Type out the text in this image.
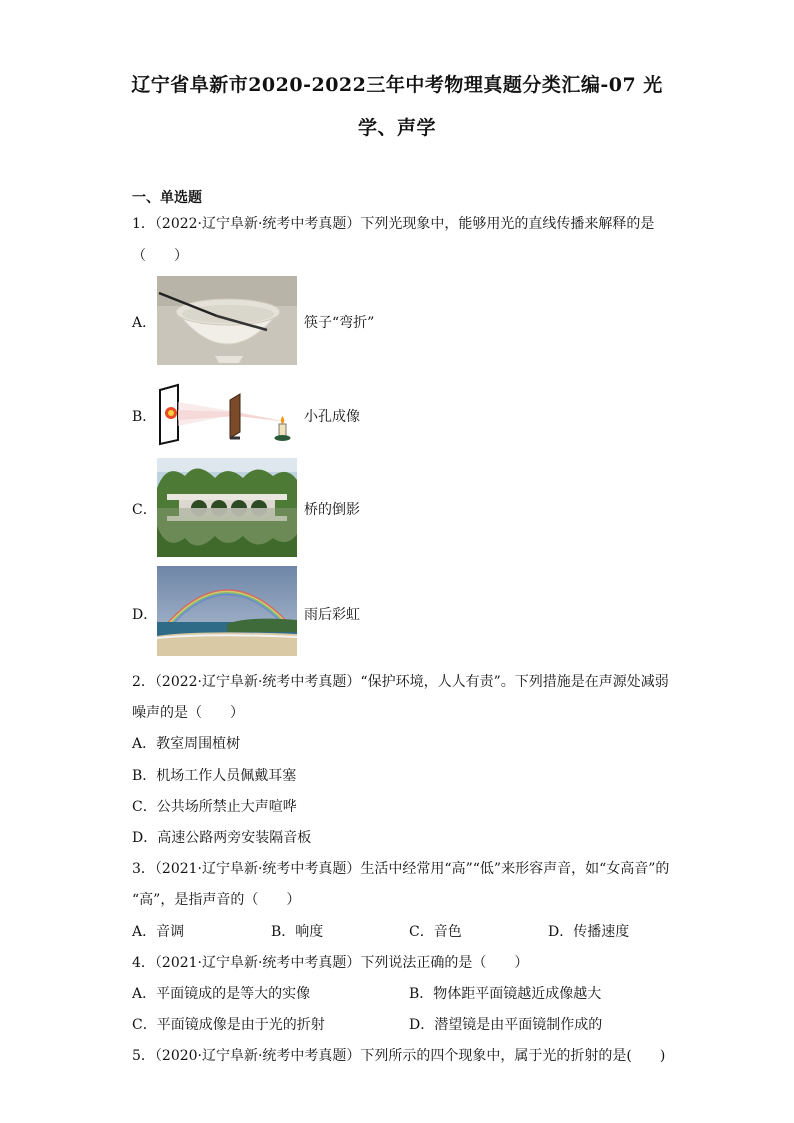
辽宁省阜新市2020-2022三年中考物理真题分类汇编-07 光
学、声学
一、单选题
1．（2022·辽宁阜新·统考中考真题）下列光现象中，能够用光的直线传播来解释的是
（　　）
A．	筷子“弯折”
B．	小孔成像
C．	桥的倒影
D．	雨后彩虹
2．（2022·辽宁阜新·统考中考真题）“保护环境，人人有责”。下列措施是在声源处减弱
噪声的是（　　）
A．教室周围植树
B．机场工作人员佩戴耳塞
C．公共场所禁止大声喧哗
D．高速公路两旁安装隔音板
3．（2021·辽宁阜新·统考中考真题）生活中经常用“高”“低”来形容声音，如“女高音”的
“高”，是指声音的（　　）
A．音调	B．响度	C．音色	D．传播速度
4．（2021·辽宁阜新·统考中考真题）下列说法正确的是（　　）
A．平面镜成的是等大的实像	B．物体距平面镜越近成像越大
C．平面镜成像是由于光的折射	D．潜望镜是由平面镜制作成的
5．（2020·辽宁阜新·统考中考真题）下列所示的四个现象中，属于光的折射的是(　　)
